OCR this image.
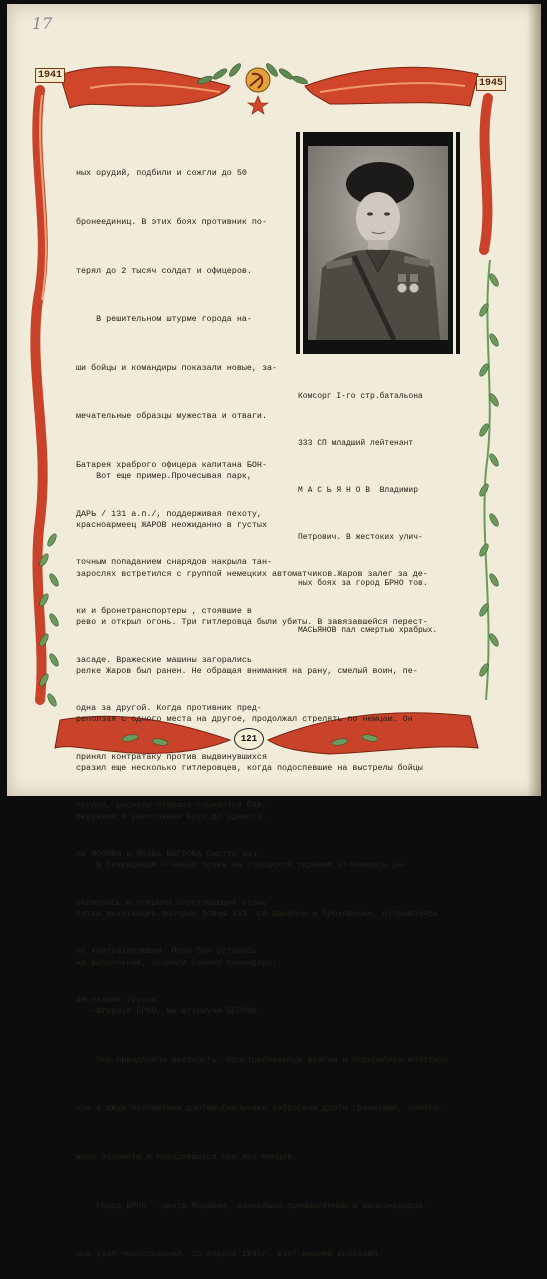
17
1941
1945

ных орудий, подбили и сожгли до 50

бронеединиц. В этих боях противник по-

терял до 2 тысяч солдат и офицеров.

В решительном штурме города на-

ши бойцы и командиры показали новые, за-

мечательные образцы мужества и отваги.

Батарея храброго офицера капитана БОН-

ДАРЬ / 131 а.п./, поддерживая пехоту,

точным попаданием снарядов накрыла тан-

ки и бронетранспортеры , стоявшие в

засаде. Вражеские машины загорались

одна за другой. Когда противник пред-

принял контратаку против выдвинувшихся

орудий, расчеты старших сержантов Пав-

ла ПОПОВА и Якова ВЫГЛОВА быстро раз-

вернулись и открыли опустошающий огонь

по контратакующим. Поле боя усталось

десятками трупов.

Комсорг I-го стр.батальона

333 СП младший лейтенант

М А С Ь Я Н О В  Владимир

Петрович. В жестоких улич-

ных боях за город БРНО тов.

МАСЬЯНОВ пал смертью храбрых.

Вот еще пример.Прочесывая парк,

красноармеец ЖАРОВ неожиданно в густых

зарослях встретился с группой немецких автоматчиков.Жаров залег за де-

рево и открыл огонь. Три гитлеровца были убиты. В завязавшейся перест-

релке Жаров был ранен. Не обращая внимания на рану, смелый воин, пе-

реползая с одного места на другое, продолжал стрелять по немцам. Он

сразил еще несколько гитлеровцев, когда подоспевшие на выстрелы бойцы

окружили и уничтожили всех до единого.

В ликвидации огневых точек на городской окраине отличились де-

сятки пехотинцев.Молодые бойцы 333  СП Шарипов и Прохоренко, отправляясь

на выполнение, заявили своему командиру:

--Штурмуя БРНО, мы штурмуем БЕРЛИН.

Они преодолели местность, простреливаемую врагом и подкрались вплотную

ную к двум пулеметным дзотам.Смельчаки забросали дзоты гранатами, уничто-

жили пулеметы и находившихся при них немцев.

Город БРНО - центр Моравии, важнейший промышленный и железнодорож-

ный узел Чехословакии, 26 апреля 1945г. взят нашими войсками.

121
